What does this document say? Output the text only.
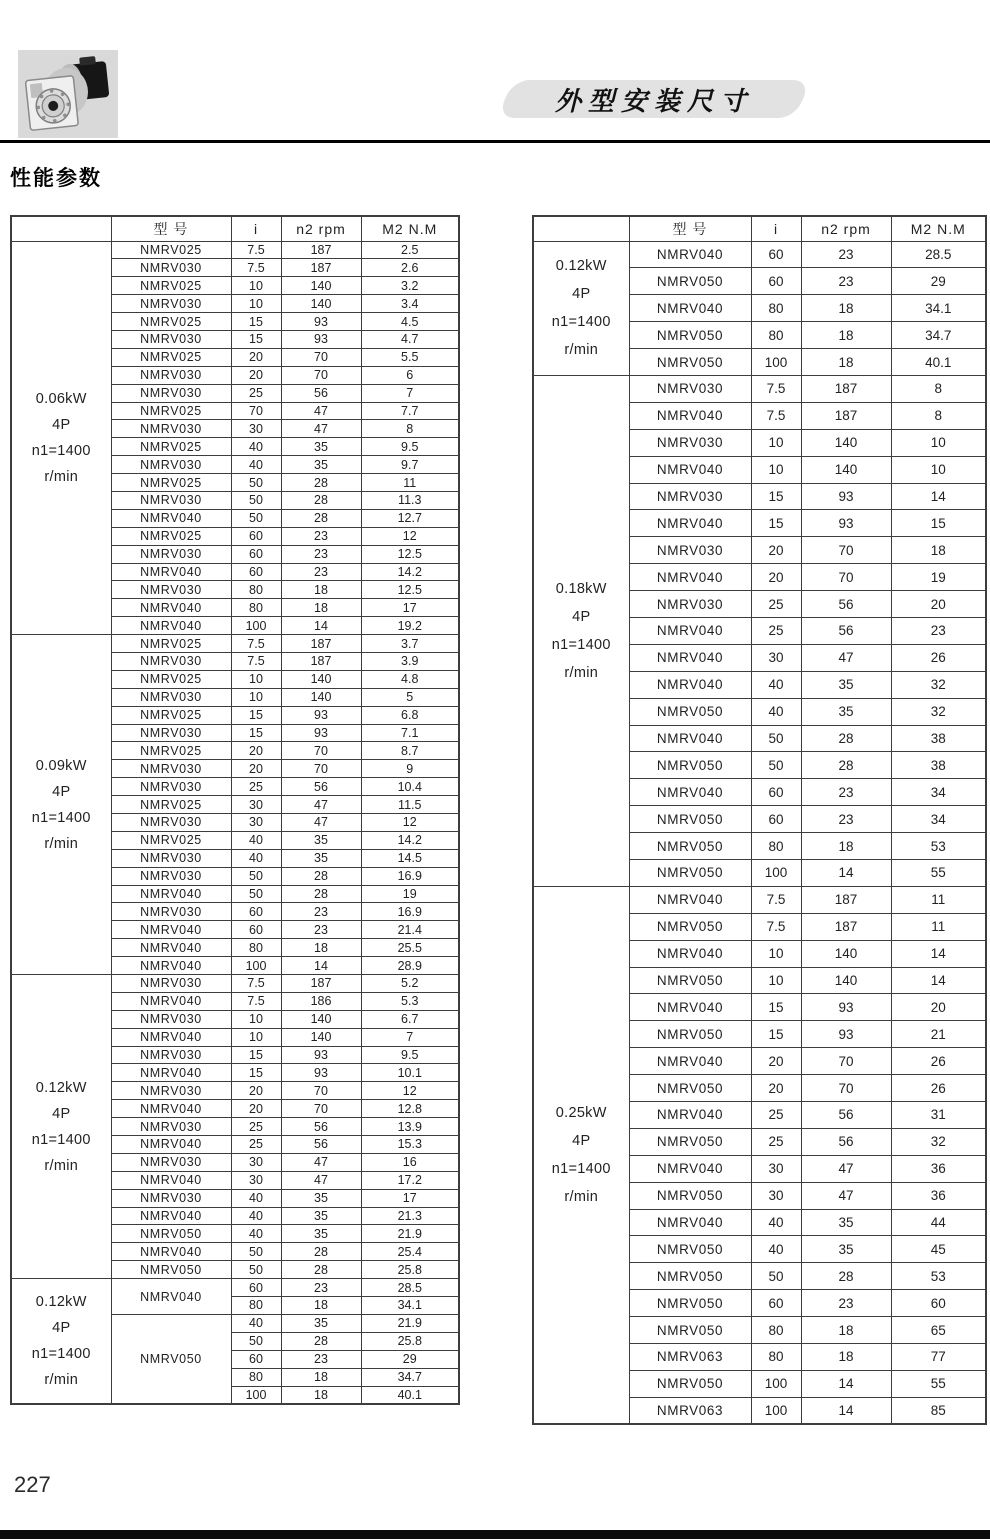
外型安装尺寸
性能参数
	型 号	i	n2 rpm	M2 N.M

0.06kW
4P
n1=1400
r/min	NMRV025	7.5	187	2.5
	NMRV030	7.5	187	2.6
	NMRV025	10	140	3.2
	NMRV030	10	140	3.4
	NMRV025	15	93	4.5
	NMRV030	15	93	4.7
	NMRV025	20	70	5.5
	NMRV030	20	70	6
	NMRV030	25	56	7
	NMRV025	70	47	7.7
	NMRV030	30	47	8
	NMRV025	40	35	9.5
	NMRV030	40	35	9.7
	NMRV025	50	28	11
	NMRV030	50	28	11.3
	NMRV040	50	28	12.7
	NMRV025	60	23	12
	NMRV030	60	23	12.5
	NMRV040	60	23	14.2
	NMRV030	80	18	12.5
	NMRV040	80	18	17
	NMRV040	100	14	19.2

0.09kW
4P
n1=1400
r/min	NMRV025	7.5	187	3.7
	NMRV030	7.5	187	3.9
	NMRV025	10	140	4.8
	NMRV030	10	140	5
	NMRV025	15	93	6.8
	NMRV030	15	93	7.1
	NMRV025	20	70	8.7
	NMRV030	20	70	9
	NMRV030	25	56	10.4
	NMRV025	30	47	11.5
	NMRV030	30	47	12
	NMRV025	40	35	14.2
	NMRV030	40	35	14.5
	NMRV030	50	28	16.9
	NMRV040	50	28	19
	NMRV030	60	23	16.9
	NMRV040	60	23	21.4
	NMRV040	80	18	25.5
	NMRV040	100	14	28.9

0.12kW
4P
n1=1400
r/min	NMRV030	7.5	187	5.2
	NMRV040	7.5	186	5.3
	NMRV030	10	140	6.7
	NMRV040	10	140	7
	NMRV030	15	93	9.5
	NMRV040	15	93	10.1
	NMRV030	20	70	12
	NMRV040	20	70	12.8
	NMRV030	25	56	13.9
	NMRV040	25	56	15.3
	NMRV030	30	47	16
	NMRV040	30	47	17.2
	NMRV030	40	35	17
	NMRV040	40	35	21.3
	NMRV050	40	35	21.9
	NMRV040	50	28	25.4
	NMRV050	50	28	25.8

0.12kW
4P
n1=1400
r/min	NMRV040	60	23	28.5
		80	18	34.1
	NMRV050	40	35	21.9
		50	28	25.8
		60	23	29
		80	18	34.7
		100	18	40.1
	型 号	i	n2 rpm	M2 N.M

0.12kW
4P
n1=1400
r/min	NMRV040	60	23	28.5
	NMRV050	60	23	29
	NMRV040	80	18	34.1
	NMRV050	80	18	34.7
	NMRV050	100	18	40.1

0.18kW
4P
n1=1400
r/min	NMRV030	7.5	187	8
	NMRV040	7.5	187	8
	NMRV030	10	140	10
	NMRV040	10	140	10
	NMRV030	15	93	14
	NMRV040	15	93	15
	NMRV030	20	70	18
	NMRV040	20	70	19
	NMRV030	25	56	20
	NMRV040	25	56	23
	NMRV040	30	47	26
	NMRV040	40	35	32
	NMRV050	40	35	32
	NMRV040	50	28	38
	NMRV050	50	28	38
	NMRV040	60	23	34
	NMRV050	60	23	34
	NMRV050	80	18	53
	NMRV050	100	14	55

0.25kW
4P
n1=1400
r/min	NMRV040	7.5	187	11
	NMRV050	7.5	187	11
	NMRV040	10	140	14
	NMRV050	10	140	14
	NMRV040	15	93	20
	NMRV050	15	93	21
	NMRV040	20	70	26
	NMRV050	20	70	26
	NMRV040	25	56	31
	NMRV050	25	56	32
	NMRV040	30	47	36
	NMRV050	30	47	36
	NMRV040	40	35	44
	NMRV050	40	35	45
	NMRV050	50	28	53
	NMRV050	60	23	60
	NMRV050	80	18	65
	NMRV063	80	18	77
	NMRV050	100	14	55
	NMRV063	100	14	85
227
